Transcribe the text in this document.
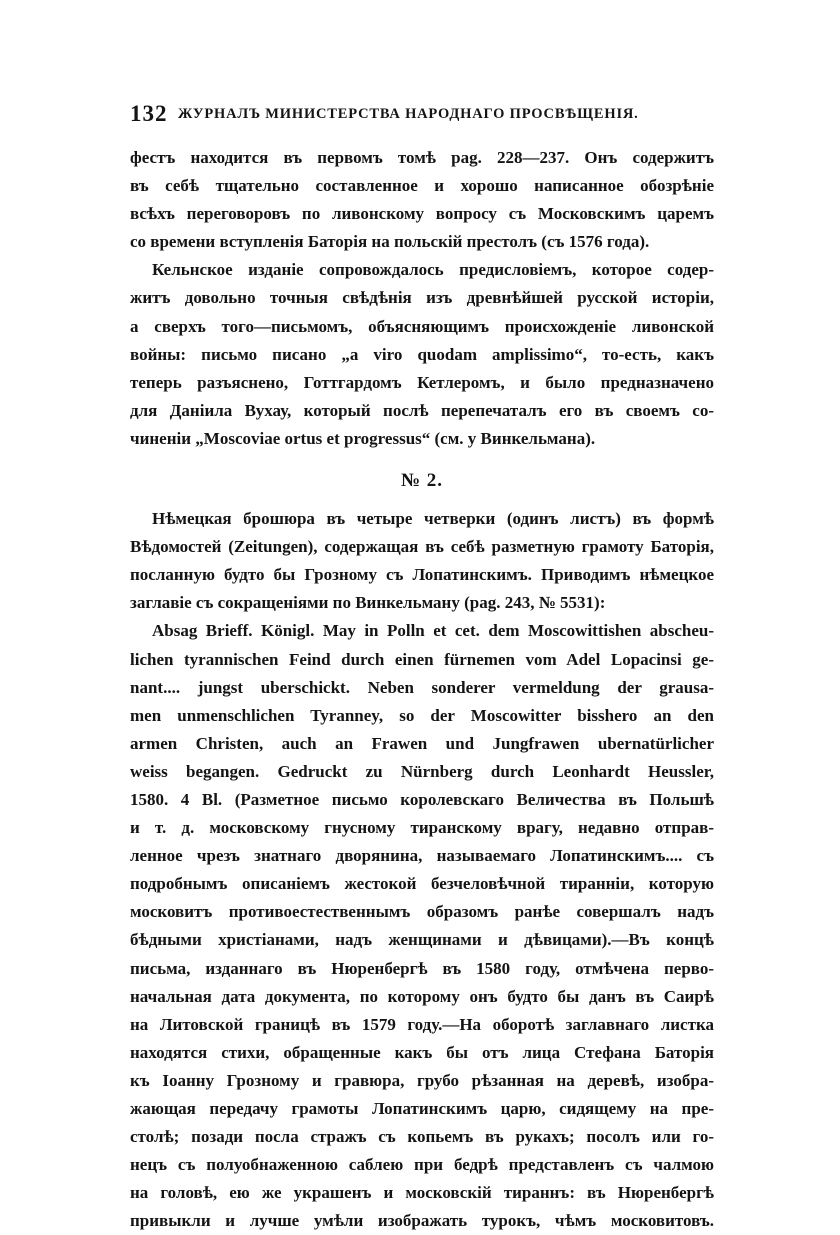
132 ЖУРНАЛЪ МИНИСТЕРСТВА НАРОДНАГО ПРОСВѢЩЕНІЯ.
фестъ находится въ первомъ томѣ pag. 228—237. Онъ содержитъ
въ себѣ тщательно составленное и хорошо написанное обозрѣніе
всѣхъ переговоровъ по ливонскому вопросу съ Московскимъ царемъ
со времени вступленія Баторія на польскій престолъ (съ 1576 года).
Кельнское изданіе сопровождалось предисловіемъ, которое содер-
житъ довольно точныя свѣдѣнія изъ древнѣйшей русской исторіи,
а сверхъ того—письмомъ, объясняющимъ происхожденіе ливонской
войны: письмо писано „a viro quodam amplissimo“, то-есть, какъ
теперь разъяснено, Готтгардомъ Кетлеромъ, и было предназначено
для Даніила Вухау, который послѣ перепечаталъ его въ своемъ со-
чиненіи „Moscoviae ortus et progressus“ (см. у Винкельмана).
№ 2.
Нѣмецкая брошюра въ четыре четверки (одинъ листъ) въ формѣ
Вѣдомостей (Zeitungen), содержащая въ себѣ разметную грамоту Баторія,
посланную будто бы Грозному съ Лопатинскимъ. Приводимъ нѣмецкое
заглавіе съ сокращеніями по Винкельману (pag. 243, № 5531):
Absag Brieff. Königl. May in Polln et cet. dem Moscowittishen abscheu-
lichen tyrannischen Feind durch einen fürnemen vom Adel Lopacinsi ge-
nant.... jungst uberschickt. Neben sonderer vermeldung der grausa-
men unmenschlichen Tyranney, so der Moscowitter bisshero an den
armen Christen, auch an Frawen und Jungfrawen ubernatürlicher
weiss begangen. Gedruckt zu Nürnberg durch Leonhardt Heussler,
1580. 4 Bl. (Разметное письмо королевскаго Величества въ Польшѣ
и т. д. московскому гнусному тиранскому врагу, недавно отправ-
ленное чрезъ знатнаго дворянина, называемаго Лопатинскимъ.... съ
подробнымъ описаніемъ жестокой безчеловѣчной тиранніи, которую
московитъ противоестественнымъ образомъ ранѣе совершалъ надъ
бѣдными христіанами, надъ женщинами и дѣвицами).—Въ концѣ
письма, изданнаго въ Нюренбергѣ въ 1580 году, отмѣчена перво-
начальная дата документа, по которому онъ будто бы данъ въ Саирѣ
на Литовской границѣ въ 1579 году.—На оборотѣ заглавнаго листка
находятся стихи, обращенные какъ бы отъ лица Стефана Баторія
къ Іоанну Грозному и гравюра, грубо рѣзанная на деревѣ, изобра-
жающая передачу грамоты Лопатинскимъ царю, сидящему на пре-
столѣ; позади посла стражъ съ копьемъ въ рукахъ; посолъ или го-
нецъ съ полуобнаженною саблею при бедрѣ представленъ съ чалмою
на головѣ, ею же украшенъ и московскій тираннъ: въ Нюренбергѣ
привыкли и лучше умѣли изображать турокъ, чѣмъ московитовъ.
